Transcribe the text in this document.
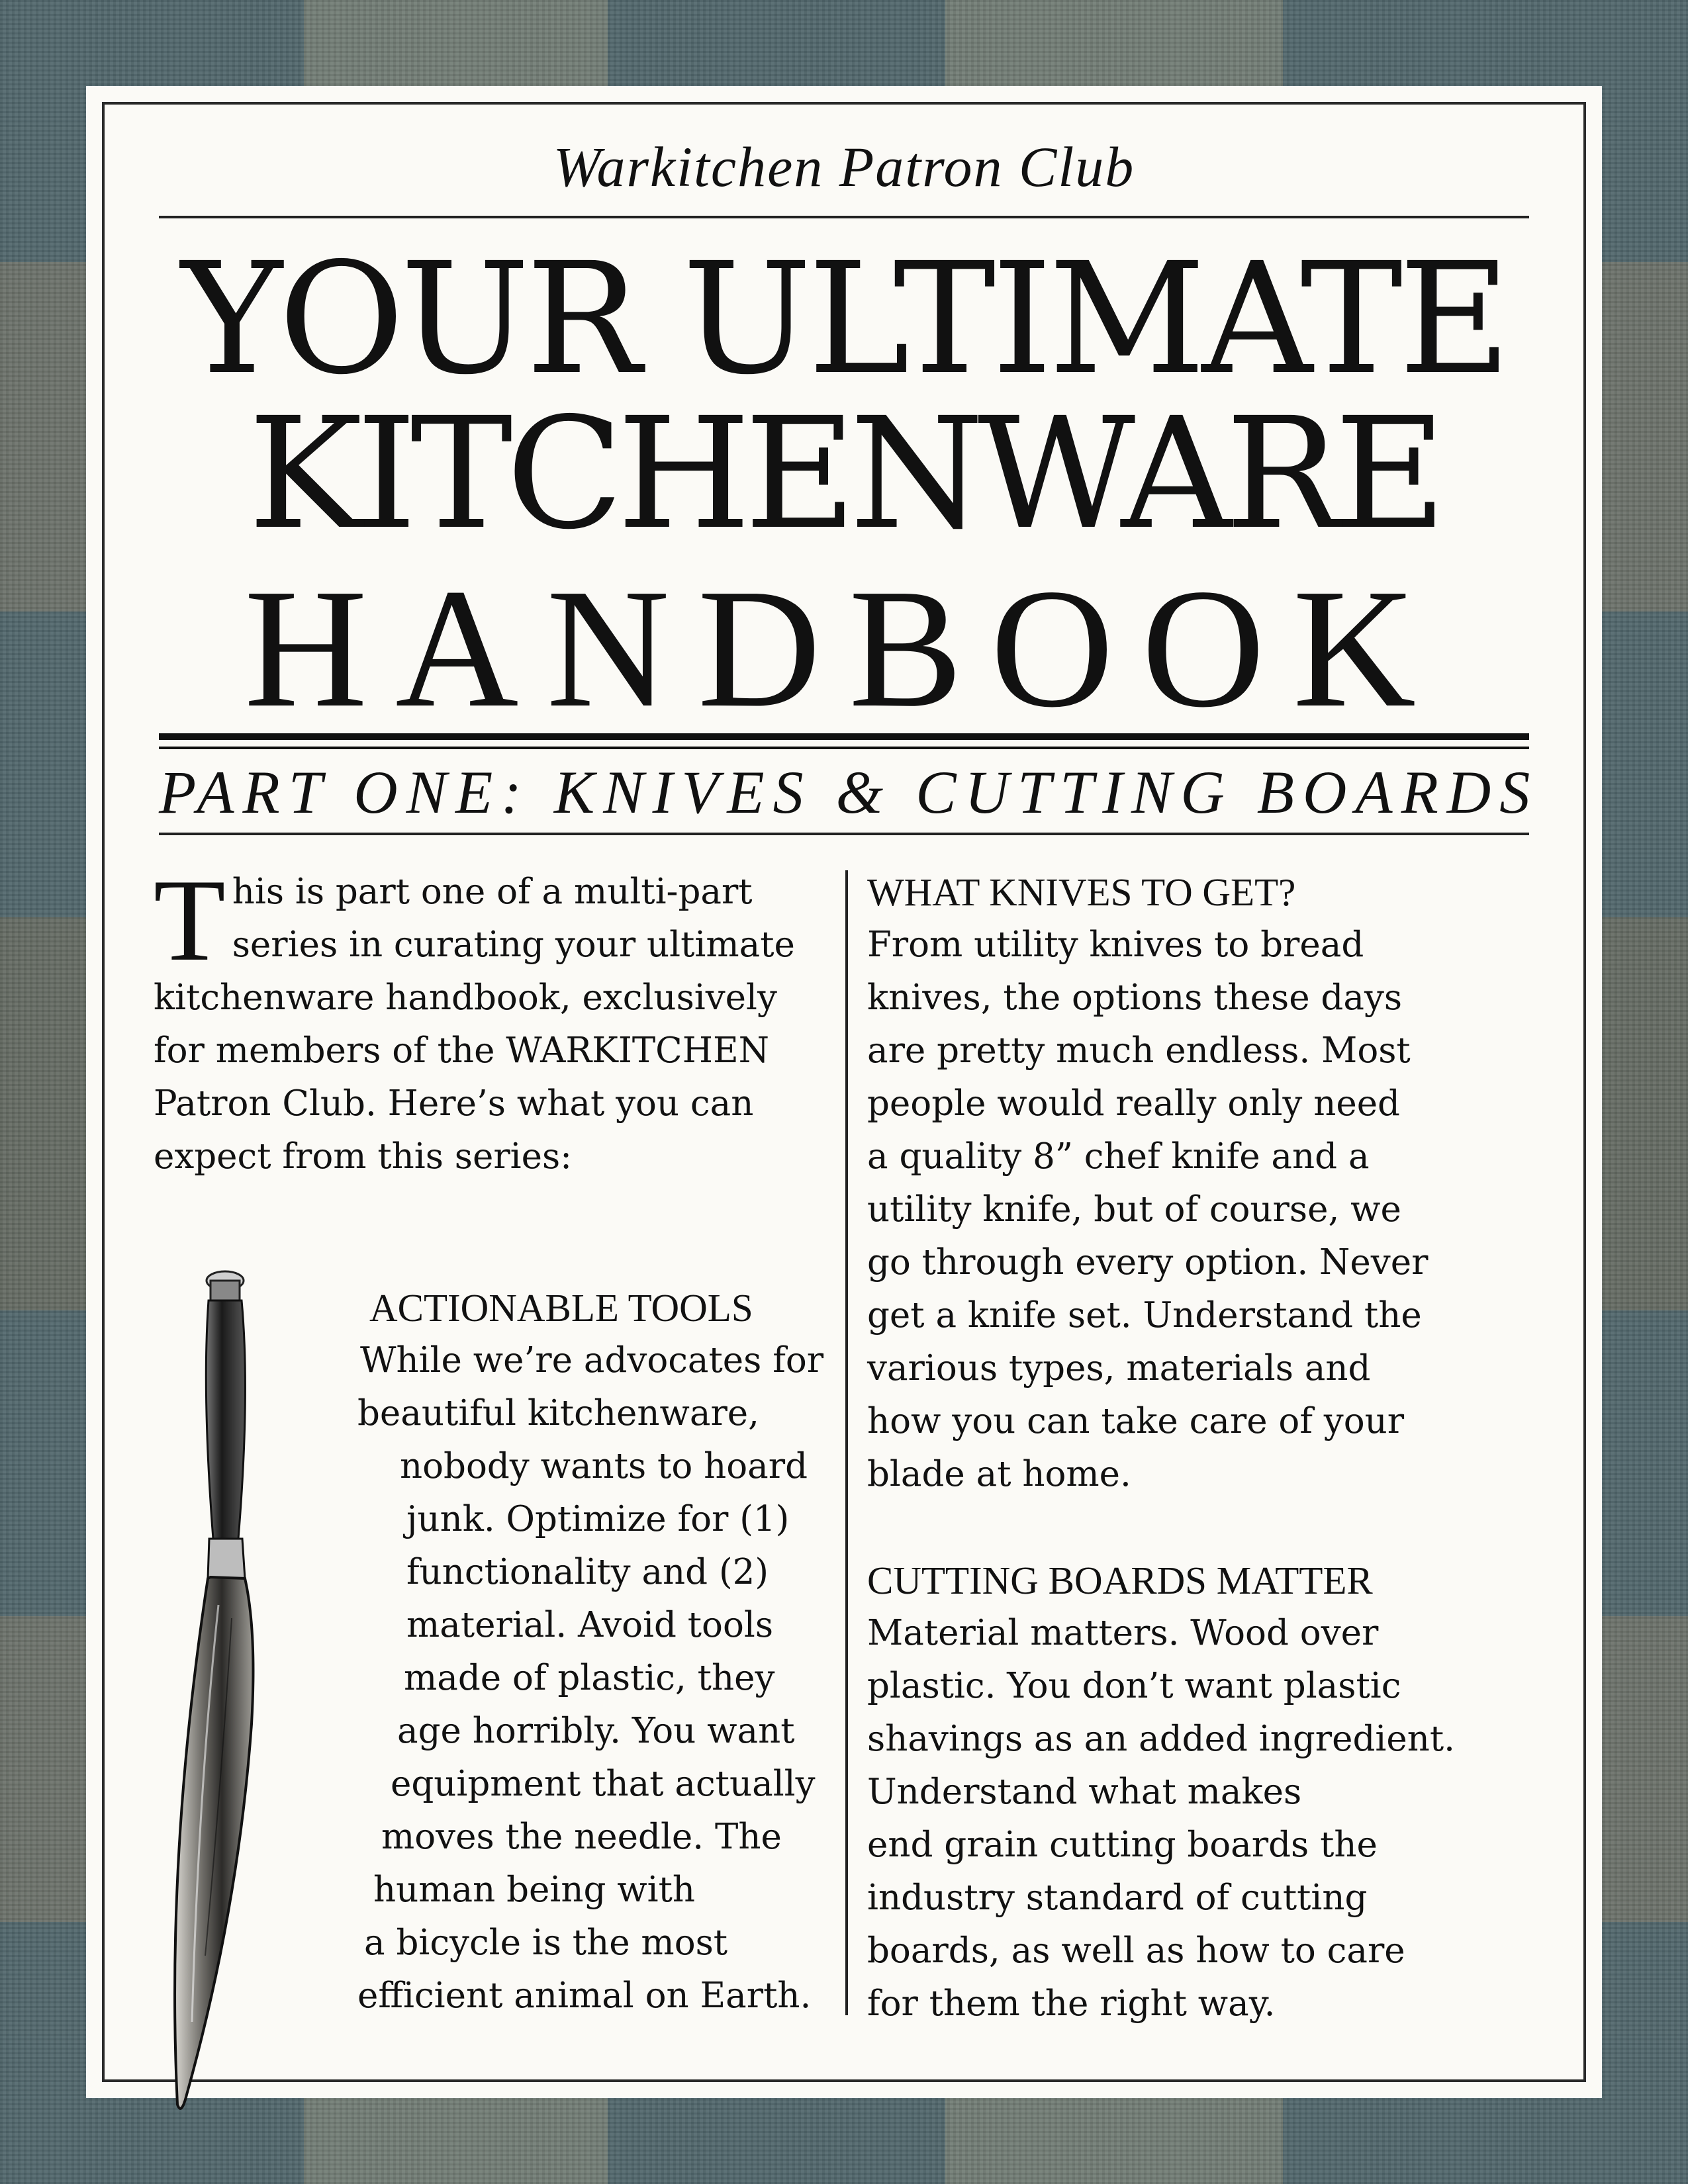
Warkitchen Patron Club
YOUR ULTIMATE
KITCHENWARE
HANDBOOK
PART ONE: KNIVES & CUTTING BOARDS
This is part one of a multi-part series in curating your ultimate kitchenware handbook, exclusively for members of the WARKITCHEN Patron Club. Here’s what you can expect from this series:
ACTIONABLE TOOLS
While we’re advocates for
beautiful kitchenware,
nobody wants to hoard
junk. Optimize for (1)
functionality and (2)
material. Avoid tools
made of plastic, they
age horribly. You want
equipment that actually
moves the needle. The
human being with
a bicycle is the most
efficient animal on Earth.
WHAT KNIVES TO GET?
From utility knives to bread
knives, the options these days
are pretty much endless. Most
people would really only need
a quality 8” chef knife and a
utility knife, but of course, we
go through every option. Never
get a knife set. Understand the
various types, materials and
how you can take care of your
blade at home.
CUTTING BOARDS MATTER
Material matters. Wood over
plastic. You don’t want plastic
shavings as an added ingredient.
Understand what makes
end grain cutting boards the
industry standard of cutting
boards, as well as how to care
for them the right way.
